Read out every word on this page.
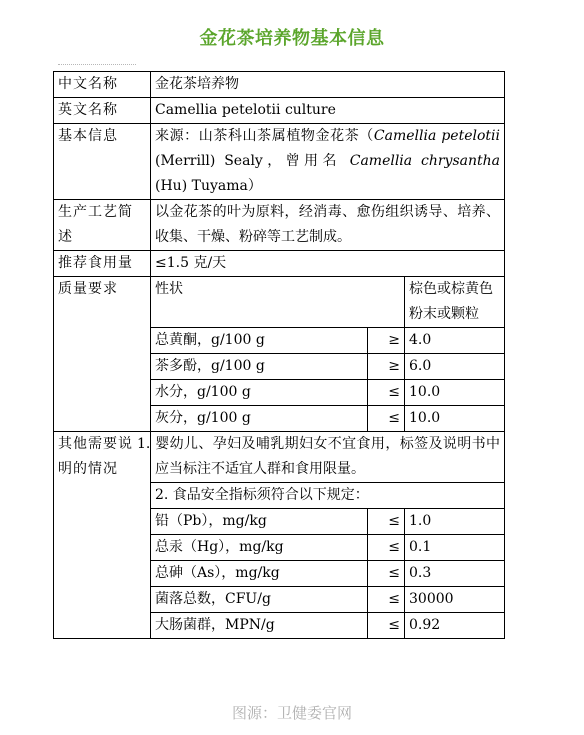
金花茶培养物基本信息
中文名称	金花茶培养物		
英文名称	Camellia petelotii culture		
基本信息	来源：山茶科山茶属植物金花茶（Camellia petelotii (Merrill) Sealy，曾用名 Camellia chrysantha (Hu) Tuyama）		
生产工艺简述	以金花茶的叶为原料，经消毒、愈伤组织诱导、培养、收集、干燥、粉碎等工艺制成。		
推荐食用量	≤1.5 克/天		
质量要求	性状		棕色或棕黄色粉末或颗粒
	总黄酮，g/100 g	≥	4.0
	茶多酚，g/100 g	≥	6.0
	水分，g/100 g	≤	10.0
	灰分，g/100 g	≤	10.0
其他需要说明的情况	1. 婴幼儿、孕妇及哺乳期妇女不宜食用，标签及说明书中应当标注不适宜人群和食用限量。		
	2. 食品安全指标须符合以下规定：		
	铅（Pb），mg/kg	≤	1.0
	总汞（Hg），mg/kg	≤	0.1
	总砷（As），mg/kg	≤	0.3
	菌落总数，CFU/g	≤	30000
	大肠菌群，MPN/g	≤	0.92
图源：卫健委官网
